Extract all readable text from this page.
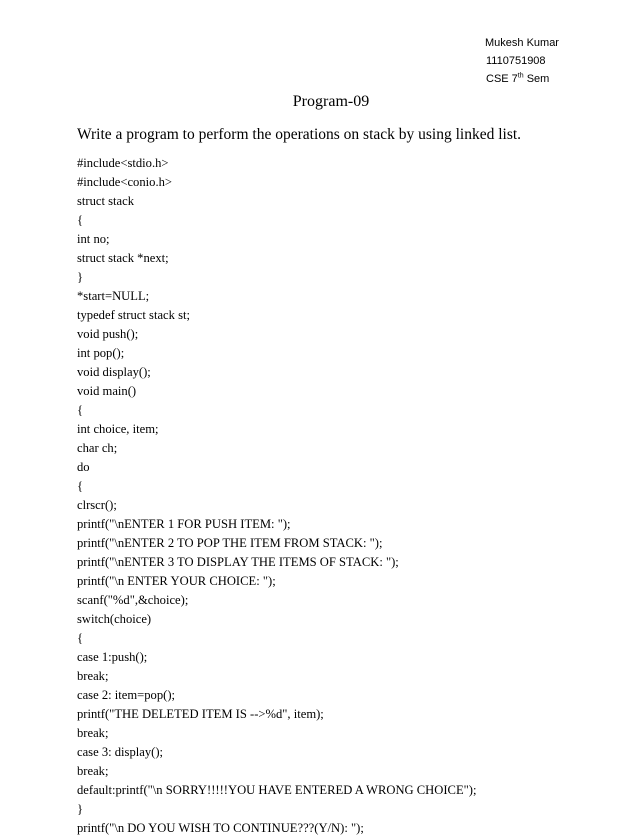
Mukesh Kumar
1110751908
CSE 7th Sem
Program-09
Write a program to perform the operations on stack by using linked list.
#include<stdio.h>
#include<conio.h>
struct stack
{
int no;
struct stack *next;
}
*start=NULL;
typedef struct stack st;
void push();
int pop();
void display();
void main()
{
int choice, item;
char ch;
do
{
clrscr();
printf("\nENTER 1 FOR PUSH ITEM: ");
printf("\nENTER 2 TO POP THE ITEM FROM STACK: ");
printf("\nENTER 3 TO DISPLAY THE ITEMS OF STACK: ");
printf("\n ENTER YOUR CHOICE: ");
scanf("%d",&choice);
switch(choice)
{
case 1:push();
break;
case 2: item=pop();
printf("THE DELETED ITEM IS -->%d", item);
break;
case 3: display();
break;
default:printf("\n SORRY!!!!!YOU HAVE ENTERED A WRONG CHOICE");
}
printf("\n DO YOU WISH TO CONTINUE???(Y/N): ");
